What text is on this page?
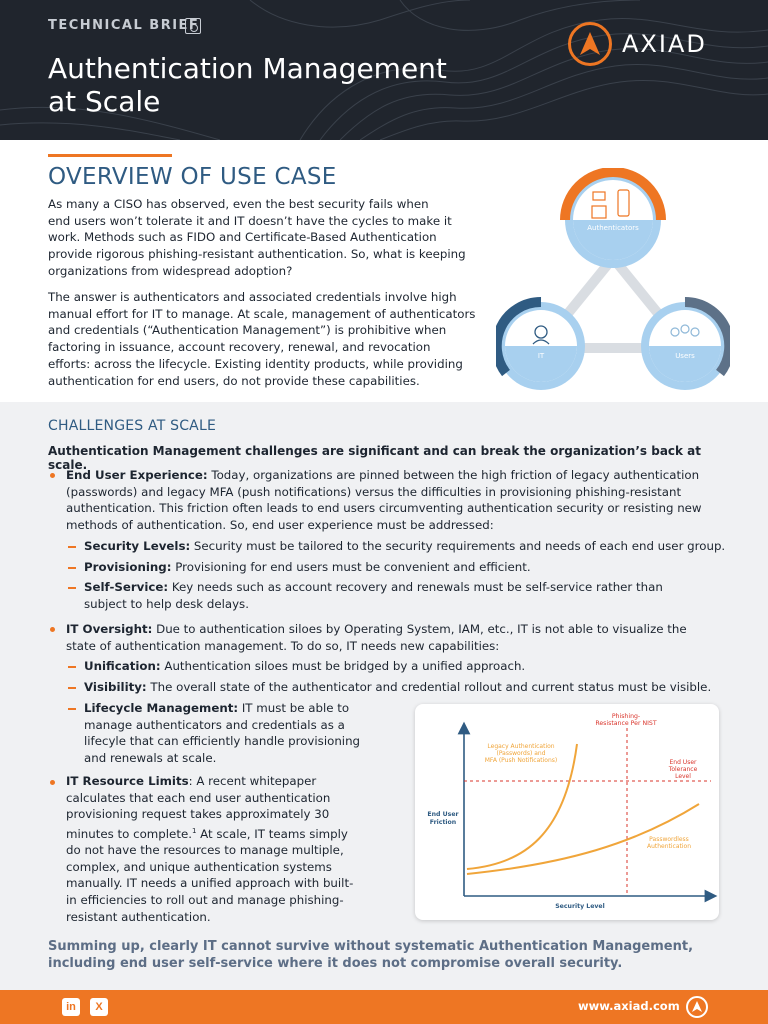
TECHNICAL BRIEF
Authentication Management
at Scale
AXIAD
OVERVIEW OF USE CASE
As many a CISO has observed, even the best security fails when
end users won’t tolerate it and IT doesn’t have the cycles to make it
work. Methods such as FIDO and Certificate-Based Authentication
provide rigorous phishing-resistant authentication. So, what is keeping
organizations from widespread adoption?
The answer is authenticators and associated credentials involve high
manual effort for IT to manage. At scale, management of authenticators
and credentials (“Authentication Management”) is prohibitive when
factoring in issuance, account recovery, renewal, and revocation
efforts: across the lifecycle. Existing identity products, while providing
authentication for end users, do not provide these capabilities.
Authenticators
IT	Users
CHALLENGES AT SCALE
Authentication Management challenges are significant and can break the organization’s back at scale.
End User Experience: Today, organizations are pinned between the high friction of legacy authentication
(passwords) and legacy MFA (push notifications) versus the difficulties in provisioning phishing-resistant
authentication. This friction often leads to end users circumventing authentication security or resisting new
methods of authentication. So, end user experience must be addressed:
Security Levels: Security must be tailored to the security requirements and needs of each end user group.
Provisioning: Provisioning for end users must be convenient and efficient.
Self-Service: Key needs such as account recovery and renewals must be self-service rather than
subject to help desk delays.
IT Oversight: Due to authentication siloes by Operating System, IAM, etc., IT is not able to visualize the
state of authentication management. To do so, IT needs new capabilities:
Unification: Authentication siloes must be bridged by a unified approach.
Visibility: The overall state of the authenticator and credential rollout and current status must be visible.
Lifecycle Management: IT must be able to
manage authenticators and credentials as a
lifecyle that can efficiently handle provisioning
and renewals at scale.
IT Resource Limits: A recent whitepaper
calculates that each end user authentication
provisioning request takes approximately 30
minutes to complete.$^1$ At scale, IT teams simply
do not have the resources to manage multiple,
complex, and unique authentication systems
manually. IT needs a unified approach with built-
in efficiencies to roll out and manage phishing-
resistant authentication.
Phishing-
Resistance Per NIST
Legacy Authentication
(Passwords) and
MFA (Push Notifications)	End User
Tolerance
Level
Passwordless
Authentication
End User
Friction
Security Level
Summing up, clearly IT cannot survive without systematic Authentication Management,
including end user self-service where it does not compromise overall security.
in	X	www.axiad.com
